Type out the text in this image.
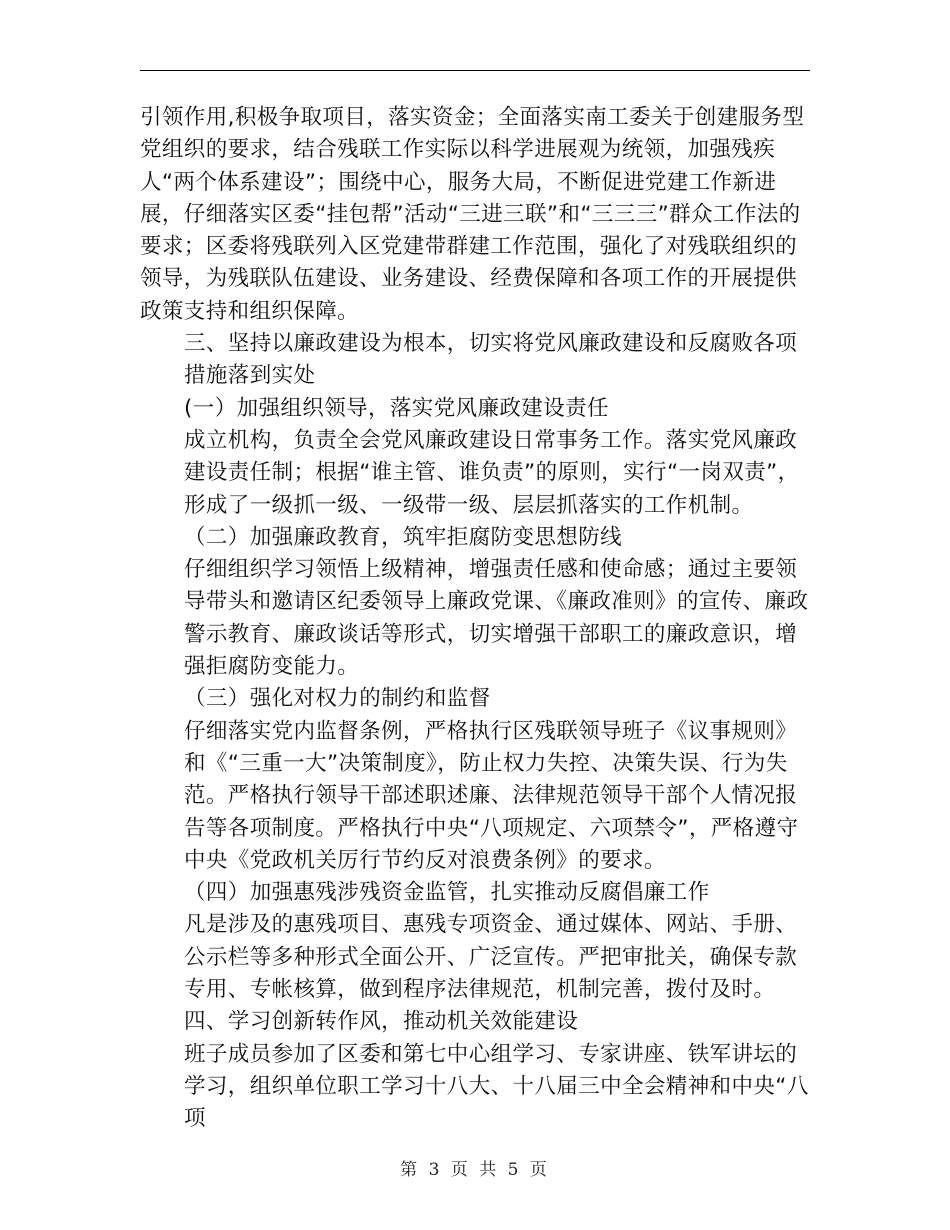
引领作用,积极争取项目，落实资金；全面落实南工委关于创建服务型党组织的要求，结合残联工作实际以科学进展观为统领，加强残疾人“两个体系建设”；围绕中心，服务大局，不断促进党建工作新进展，仔细落实区委“挂包帮”活动“三进三联”和“三三三”群众工作法的要求；区委将残联列入区党建带群建工作范围，强化了对残联组织的领导，为残联队伍建设、业务建设、经费保障和各项工作的开展提供政策支持和组织保障。

三、坚持以廉政建设为根本，切实将党风廉政建设和反腐败各项措施落到实处

(一）加强组织领导，落实党风廉政建设责任

成立机构，负责全会党风廉政建设日常事务工作。落实党风廉政建设责任制；根据“谁主管、谁负责”的原则，实行“一岗双责”，形成了一级抓一级、一级带一级、层层抓落实的工作机制。

（二）加强廉政教育，筑牢拒腐防变思想防线

仔细组织学习领悟上级精神，增强责任感和使命感；通过主要领导带头和邀请区纪委领导上廉政党课、《廉政准则》的宣传、廉政警示教育、廉政谈话等形式，切实增强干部职工的廉政意识，增强拒腐防变能力。

（三）强化对权力的制约和监督

仔细落实党内监督条例，严格执行区残联领导班子《议事规则》和《“三重一大”决策制度》，防止权力失控、决策失误、行为失范。严格执行领导干部述职述廉、法律规范领导干部个人情况报告等各项制度。严格执行中央“八项规定、六项禁令”，严格遵守中央《党政机关厉行节约反对浪费条例》的要求。

（四）加强惠残涉残资金监管，扎实推动反腐倡廉工作

凡是涉及的惠残项目、惠残专项资金、通过媒体、网站、手册、公示栏等多种形式全面公开、广泛宣传。严把审批关，确保专款专用、专帐核算，做到程序法律规范，机制完善，拨付及时。

四、学习创新转作风，推动机关效能建设

班子成员参加了区委和第七中心组学习、专家讲座、铁军讲坛的学习，组织单位职工学习十八大、十八届三中全会精神和中央“八项

第 3 页 共 5 页
